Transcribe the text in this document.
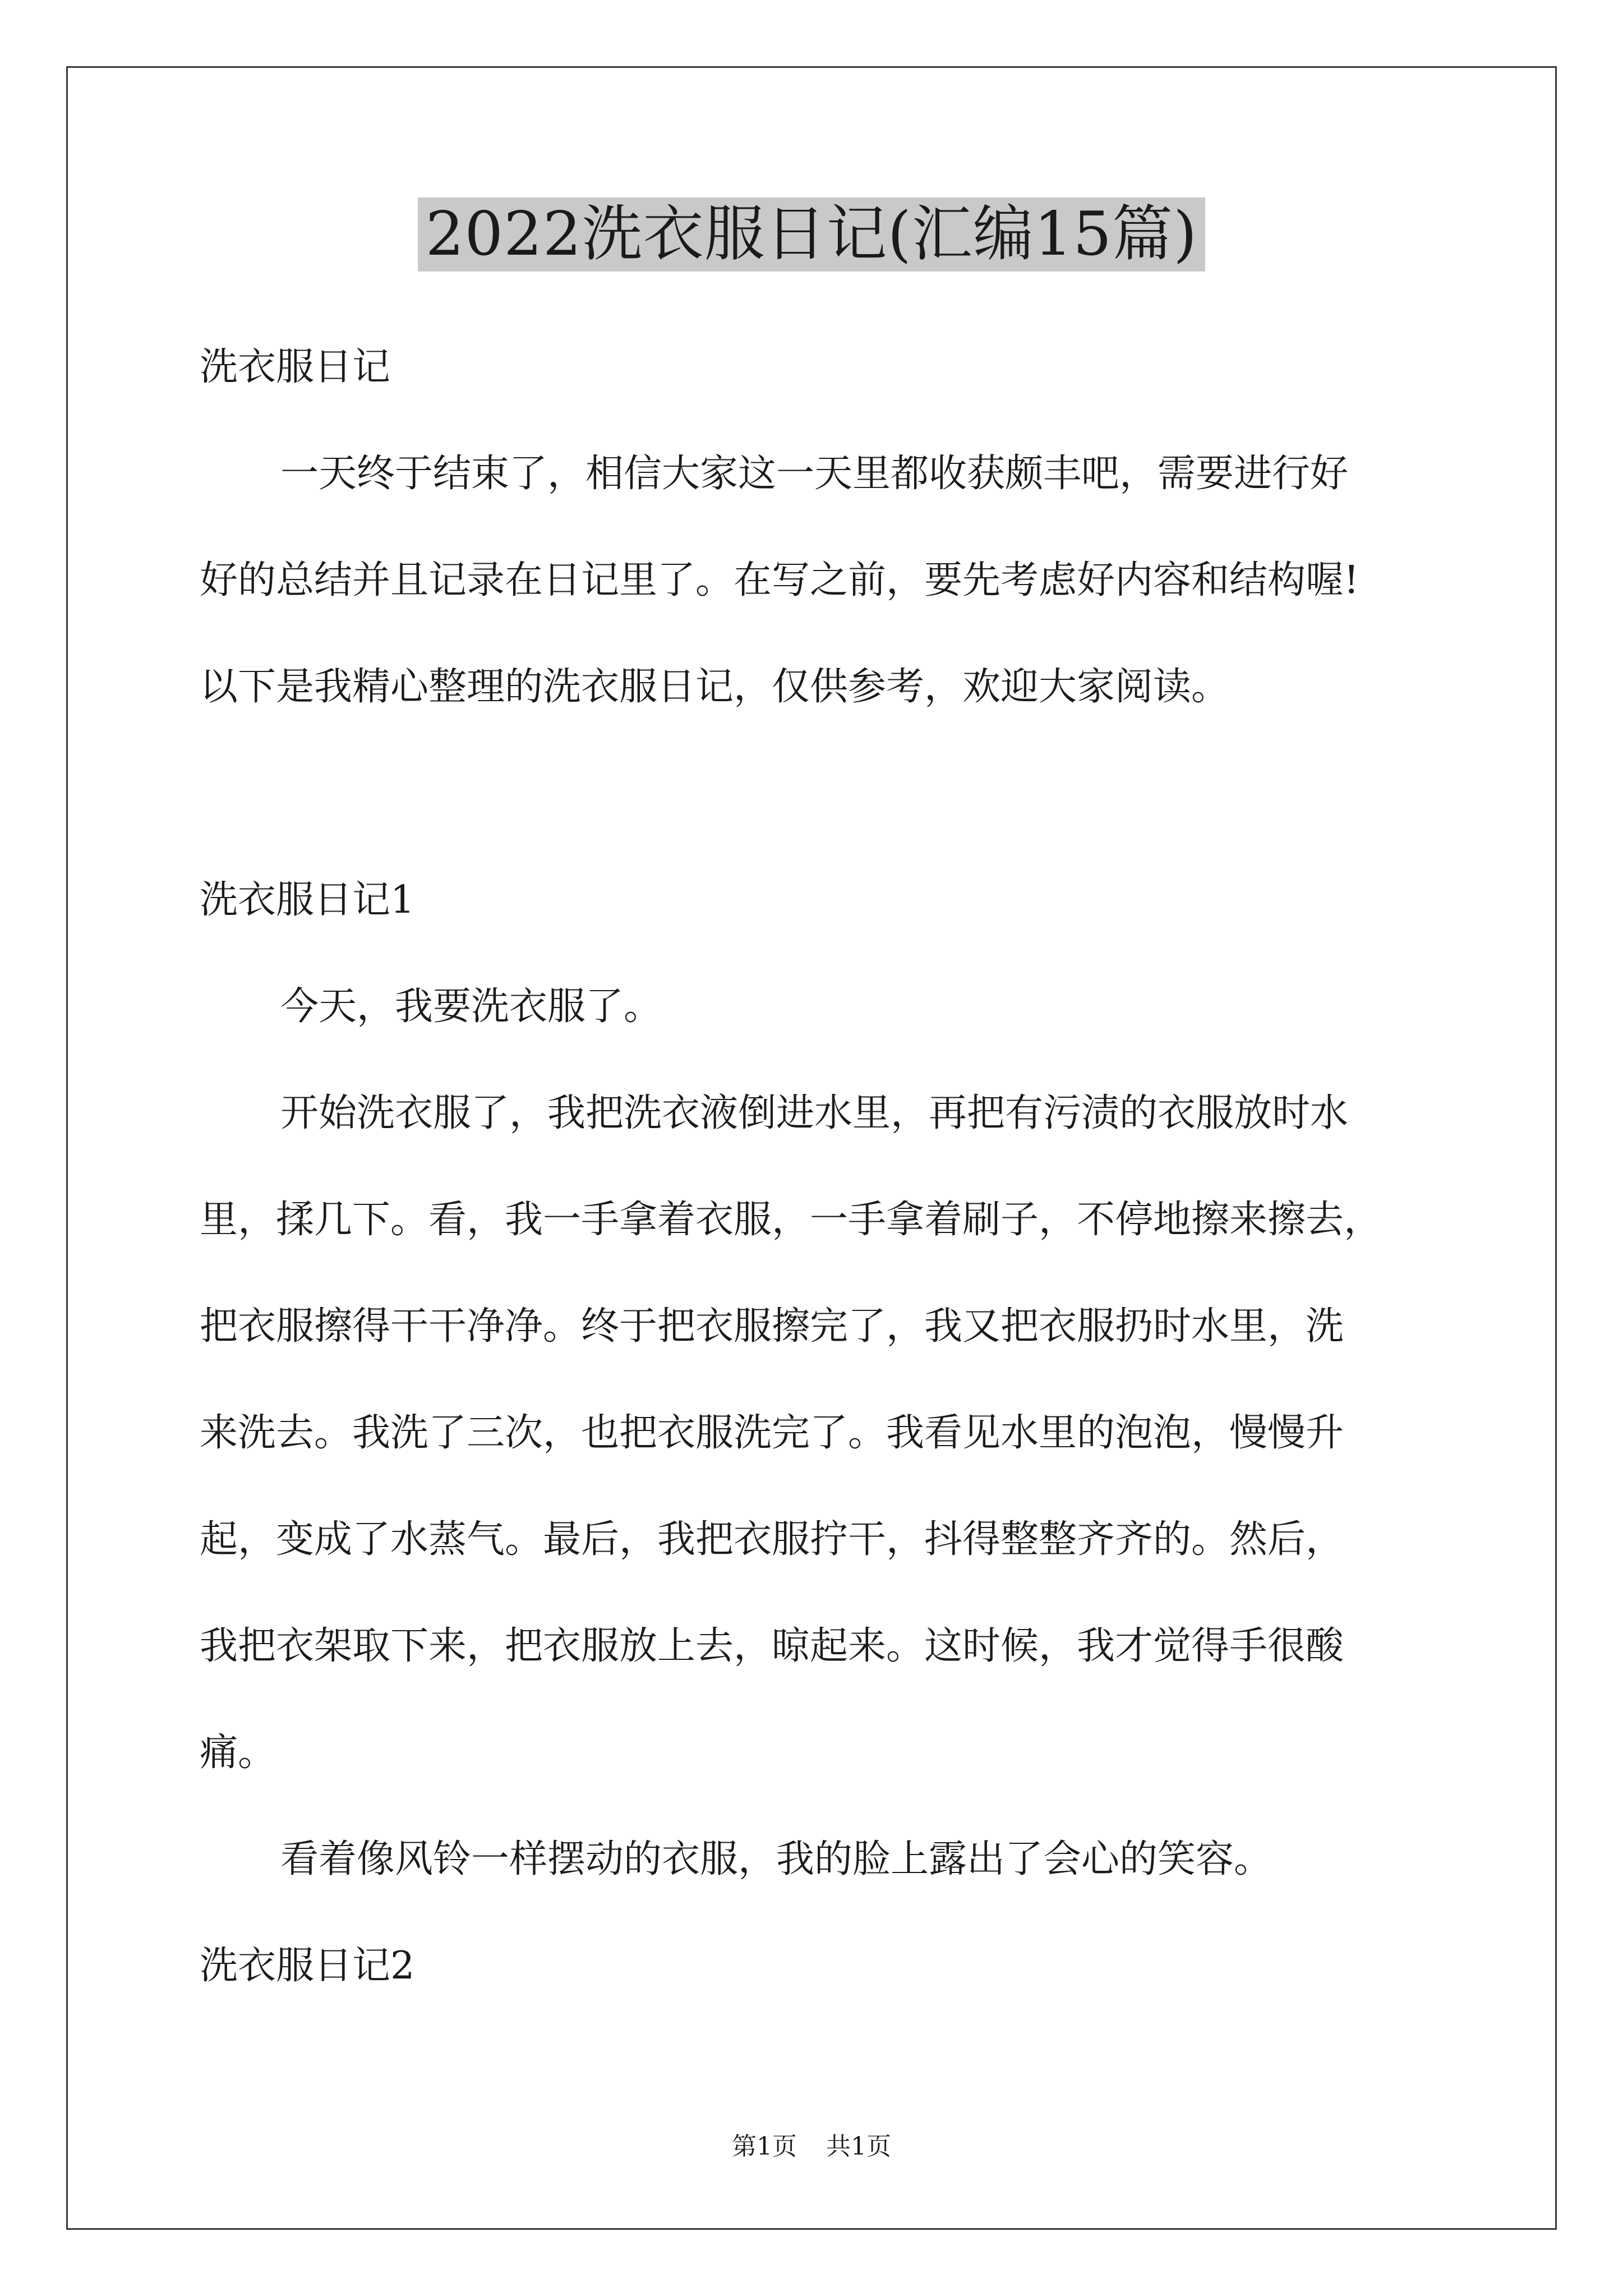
2022洗衣服日记(汇编15篇)
洗衣服日记
一天终于结束了，相信大家这一天里都收获颇丰吧，需要进行好
好的总结并且记录在日记里了。在写之前，要先考虑好内容和结构喔!
以下是我精心整理的洗衣服日记，仅供参考，欢迎大家阅读。
洗衣服日记1
今天，我要洗衣服了。
开始洗衣服了，我把洗衣液倒进水里，再把有污渍的衣服放时水
里，揉几下。看，我一手拿着衣服，一手拿着刷子，不停地擦来擦去，
把衣服擦得干干净净。终于把衣服擦完了，我又把衣服扔时水里，洗
来洗去。我洗了三次，也把衣服洗完了。我看见水里的泡泡，慢慢升
起，变成了水蒸气。最后，我把衣服拧干，抖得整整齐齐的。然后，
我把衣架取下来，把衣服放上去，晾起来。这时候，我才觉得手很酸
痛。
看着像风铃一样摆动的衣服，我的脸上露出了会心的笑容。
洗衣服日记2
第1页 共1页
